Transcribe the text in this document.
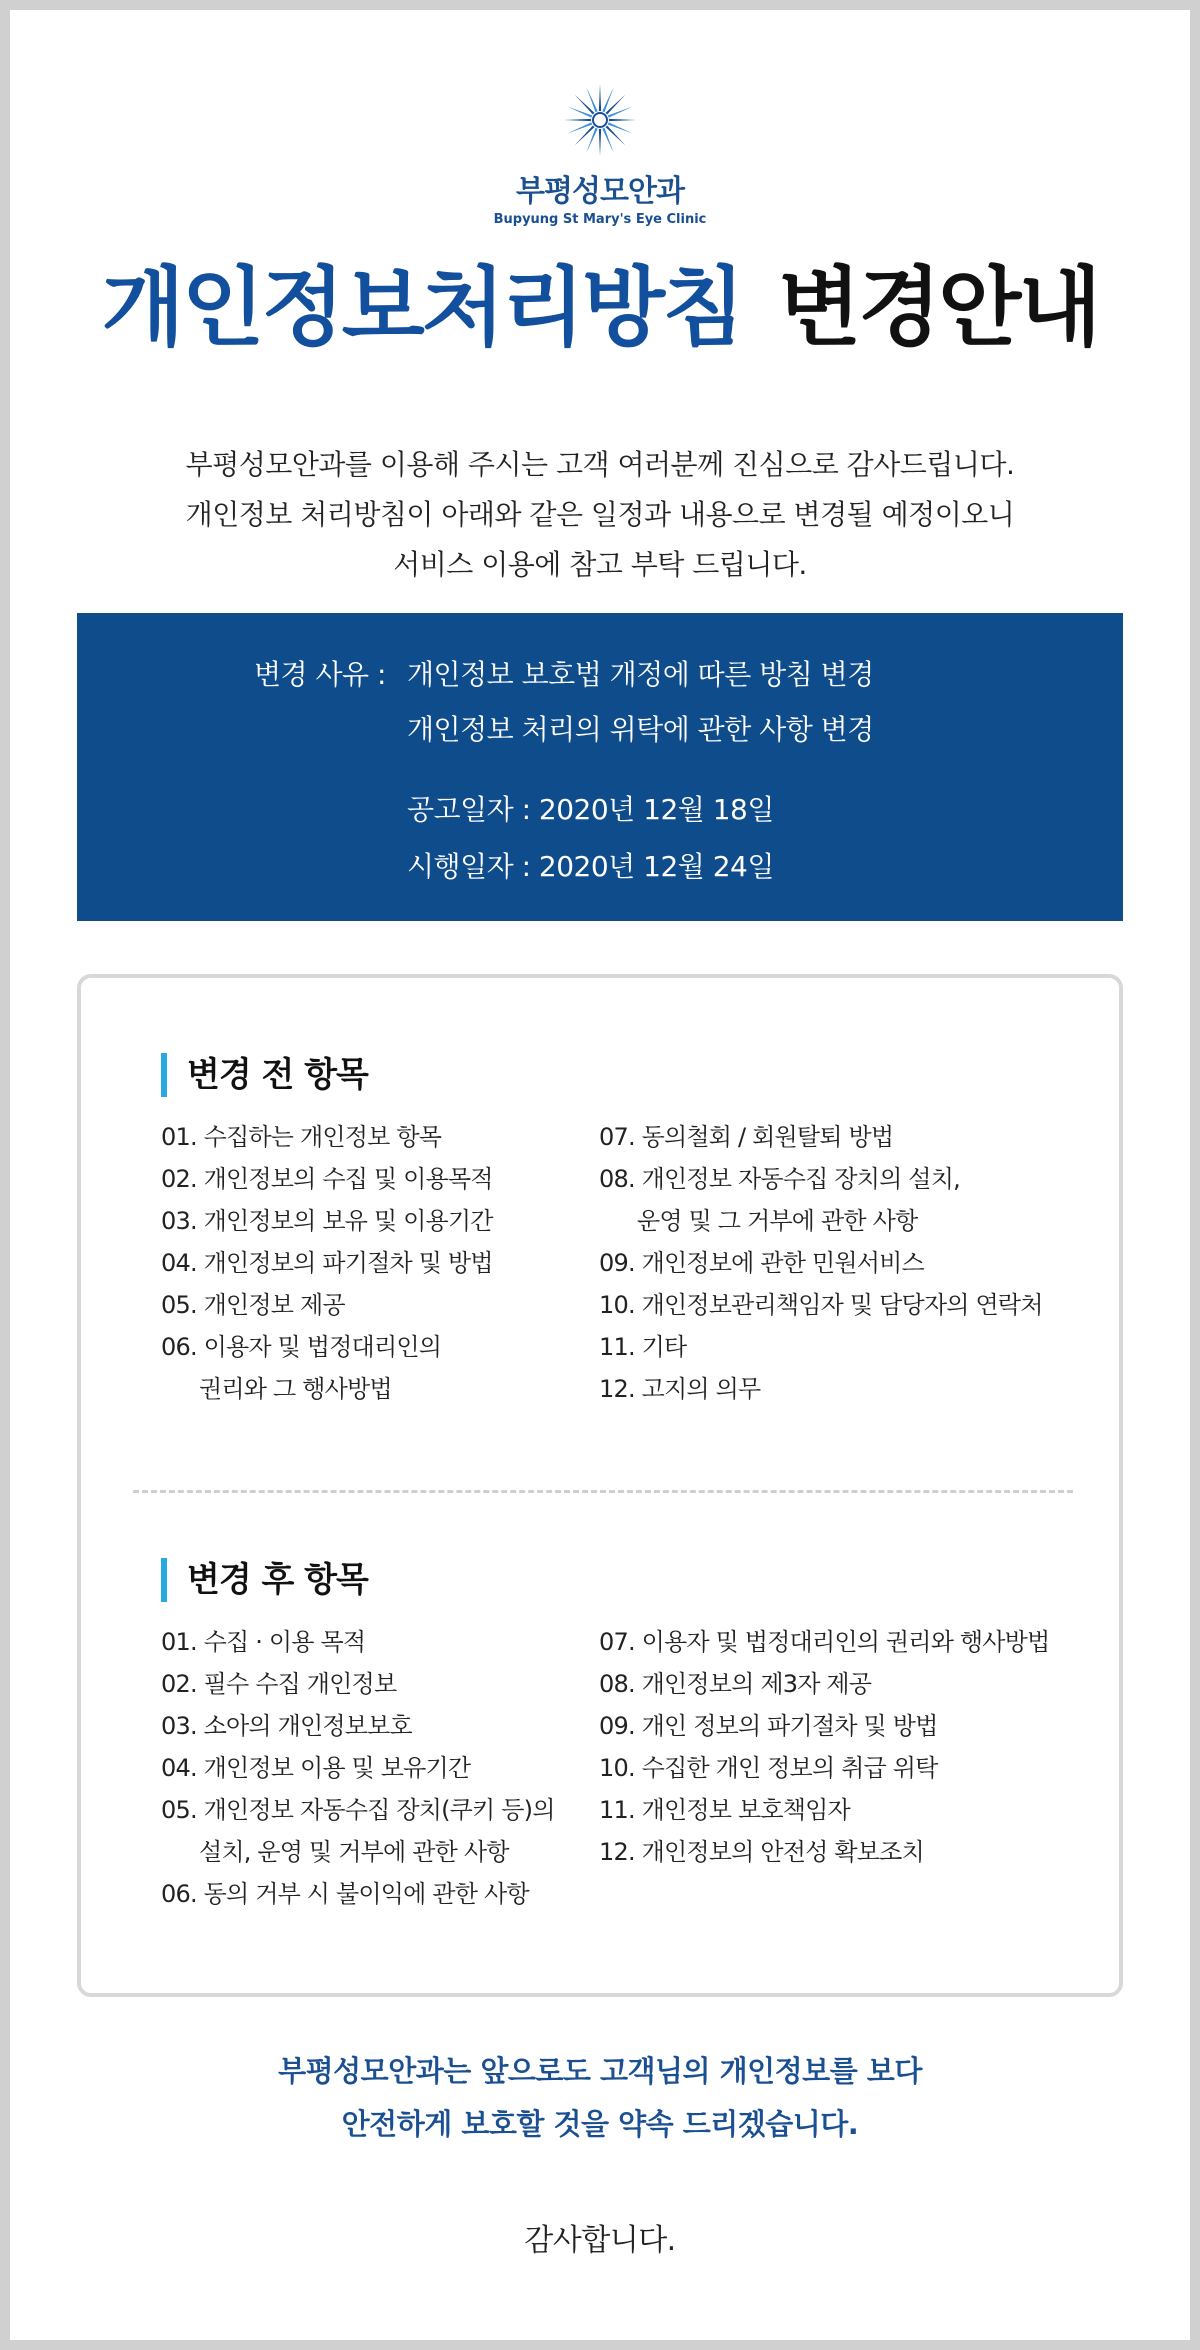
부평성모안과
Bupyung St Mary's Eye Clinic
개인정보처리방침 변경안내
부평성모안과를 이용해 주시는 고객 여러분께 진심으로 감사드립니다.
개인정보 처리방침이 아래와 같은 일정과 내용으로 변경될 예정이오니
서비스 이용에 참고 부탁 드립니다.
변경 사유 : 개인정보 보호법 개정에 따른 방침 변경
개인정보 처리의 위탁에 관한 사항 변경
공고일자 : 2020년 12월 18일
시행일자 : 2020년 12월 24일
변경 전 항목
01. 수집하는 개인정보 항목
02. 개인정보의 수집 및 이용목적
03. 개인정보의 보유 및 이용기간
04. 개인정보의 파기절차 및 방법
05. 개인정보 제공
06. 이용자 및 법정대리인의
권리와 그 행사방법
07. 동의철회 / 회원탈퇴 방법
08. 개인정보 자동수집 장치의 설치,
운영 및 그 거부에 관한 사항
09. 개인정보에 관한 민원서비스
10. 개인정보관리책임자 및 담당자의 연락처
11. 기타
12. 고지의 의무
변경 후 항목
01. 수집 · 이용 목적
02. 필수 수집 개인정보
03. 소아의 개인정보보호
04. 개인정보 이용 및 보유기간
05. 개인정보 자동수집 장치(쿠키 등)의
설치, 운영 및 거부에 관한 사항
06. 동의 거부 시 불이익에 관한 사항
07. 이용자 및 법정대리인의 권리와 행사방법
08. 개인정보의 제3자 제공
09. 개인 정보의 파기절차 및 방법
10. 수집한 개인 정보의 취급 위탁
11. 개인정보 보호책임자
12. 개인정보의 안전성 확보조치
부평성모안과는 앞으로도 고객님의 개인정보를 보다
안전하게 보호할 것을 약속 드리겠습니다.
감사합니다.
